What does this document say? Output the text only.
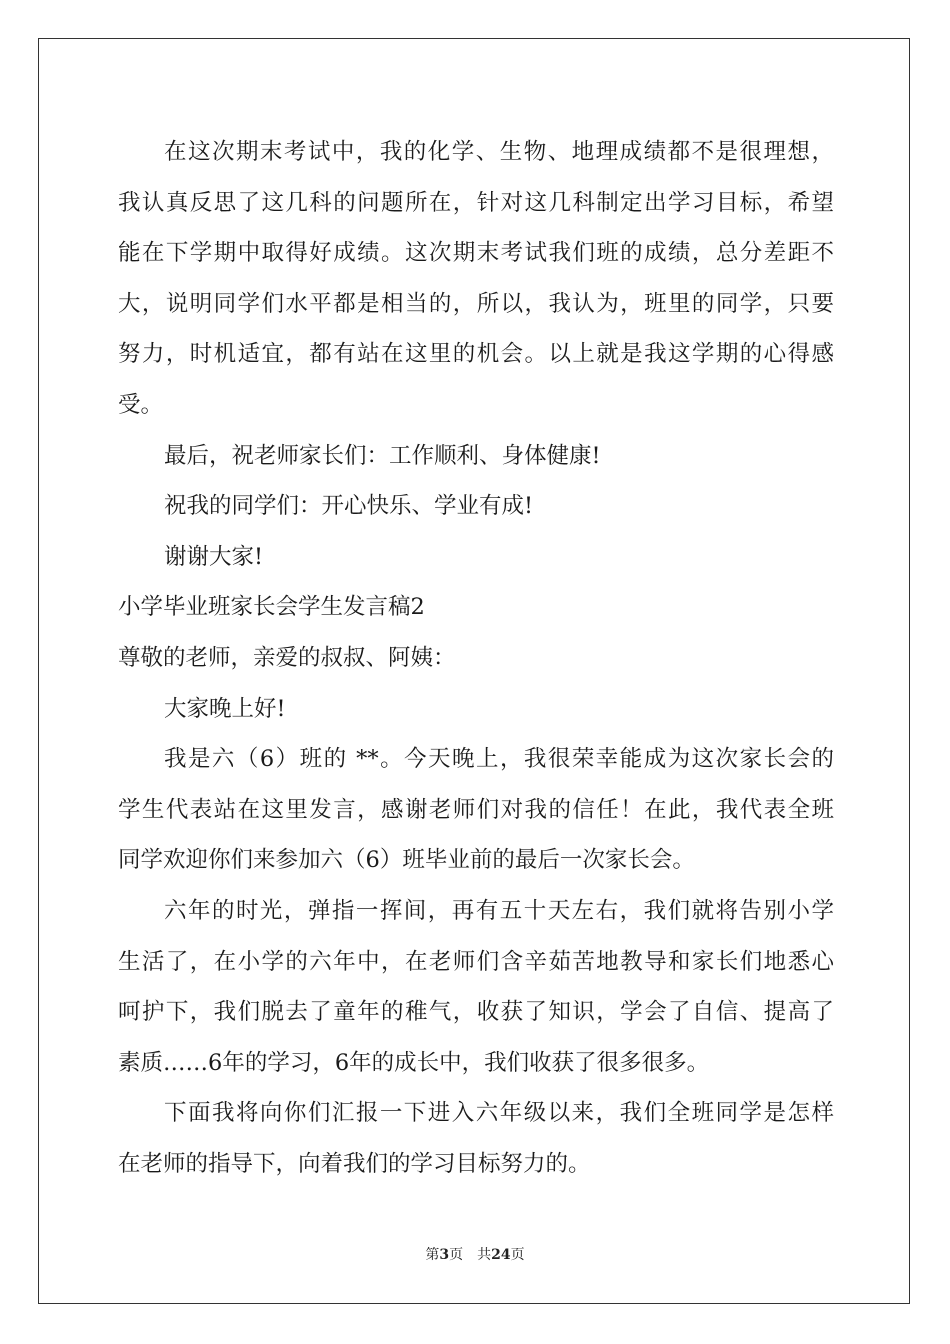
在这次期末考试中，我的化学、生物、地理成绩都不是很理想，
我认真反思了这几科的问题所在，针对这几科制定出学习目标，希望
能在下学期中取得好成绩。这次期末考试我们班的成绩，总分差距不
大，说明同学们水平都是相当的，所以，我认为，班里的同学，只要
努力，时机适宜，都有站在这里的机会。以上就是我这学期的心得感
受。
最后，祝老师家长们：工作顺利、身体健康!
祝我的同学们：开心快乐、学业有成!
谢谢大家!
小学毕业班家长会学生发言稿2
尊敬的老师，亲爱的叔叔、阿姨：
大家晚上好!
我是六（6）班的 **。今天晚上，我很荣幸能成为这次家长会的
学生代表站在这里发言，感谢老师们对我的信任！在此，我代表全班
同学欢迎你们来参加六（6）班毕业前的最后一次家长会。
六年的时光，弹指一挥间，再有五十天左右，我们就将告别小学
生活了，在小学的六年中，在老师们含辛茹苦地教导和家长们地悉心
呵护下，我们脱去了童年的稚气，收获了知识，学会了自信、提高了
素质……6年的学习，6年的成长中，我们收获了很多很多。
下面我将向你们汇报一下进入六年级以来，我们全班同学是怎样
在老师的指导下，向着我们的学习目标努力的。
第3页 共24页
